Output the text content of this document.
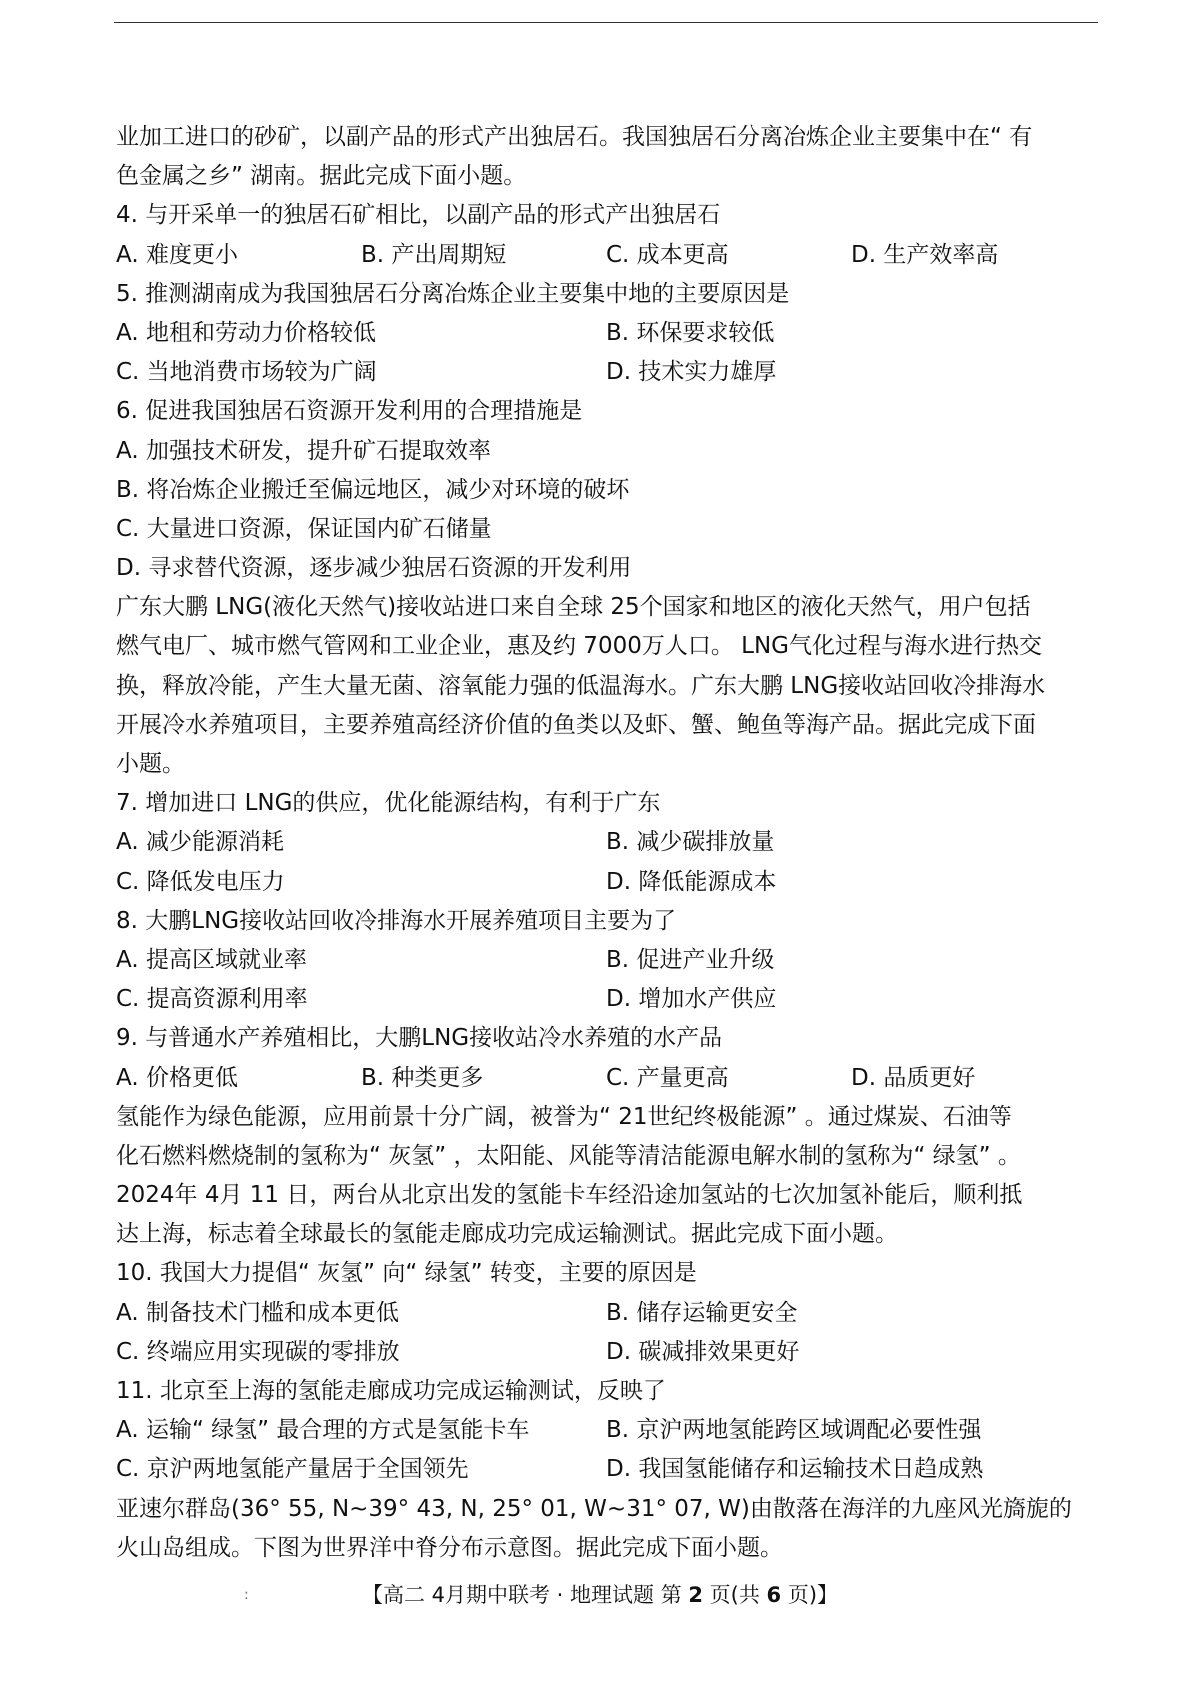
业加工进口的砂矿，以副产品的形式产出独居石。我国独居石分离冶炼企业主要集中在“ 有
色金属之乡” 湖南。据此完成下面小题。
4. 与开采单一的独居石矿相比，以副产品的形式产出独居石
A. 难度更小	B. 产出周期短	C. 成本更高	D. 生产效率高
5. 推测湖南成为我国独居石分离冶炼企业主要集中地的主要原因是
A. 地租和劳动力价格较低	B. 环保要求较低
C. 当地消费市场较为广阔	D. 技术实力雄厚
6. 促进我国独居石资源开发利用的合理措施是
A. 加强技术研发，提升矿石提取效率
B. 将冶炼企业搬迁至偏远地区，减少对环境的破坏
C. 大量进口资源，保证国内矿石储量
D. 寻求替代资源，逐步减少独居石资源的开发利用
广东大鹏 LNG(液化天然气)接收站进口来自全球 25个国家和地区的液化天然气，用户包括
燃气电厂、城市燃气管网和工业企业，惠及约 7000万人口。 LNG气化过程与海水进行热交
换，释放冷能，产生大量无菌、溶氧能力强的低温海水。广东大鹏 LNG接收站回收冷排海水
开展冷水养殖项目，主要养殖高经济价值的鱼类以及虾、蟹、鲍鱼等海产品。据此完成下面
小题。
7. 增加进口 LNG的供应，优化能源结构，有利于广东
A. 减少能源消耗	B. 减少碳排放量
C. 降低发电压力	D. 降低能源成本
8. 大鹏LNG接收站回收冷排海水开展养殖项目主要为了
A. 提高区域就业率	B. 促进产业升级
C. 提高资源利用率	D. 增加水产供应
9. 与普通水产养殖相比，大鹏LNG接收站冷水养殖的水产品
A. 价格更低	B. 种类更多	C. 产量更高	D. 品质更好
氢能作为绿色能源，应用前景十分广阔，被誉为“ 21世纪终极能源” 。通过煤炭、石油等
化石燃料燃烧制的氢称为“ 灰氢” ，太阳能、风能等清洁能源电解水制的氢称为“ 绿氢” 。
2024年 4月 11 日，两台从北京出发的氢能卡车经沿途加氢站的七次加氢补能后，顺利抵
达上海，标志着全球最长的氢能走廊成功完成运输测试。据此完成下面小题。
10. 我国大力提倡“ 灰氢” 向“ 绿氢” 转变，主要的原因是
A. 制备技术门槛和成本更低	B. 储存运输更安全
C. 终端应用实现碳的零排放	D. 碳减排效果更好
11. 北京至上海的氢能走廊成功完成运输测试，反映了
A. 运输“ 绿氢” 最合理的方式是氢能卡车	B. 京沪两地氢能跨区域调配必要性强
C. 京沪两地氢能产量居于全国领先	D. 我国氢能储存和运输技术日趋成熟
亚速尔群岛(36° 55, N~39° 43, N, 25° 01, W~31° 07, W)由散落在海洋的九座风光旖旎的
火山岛组成。下图为世界洋中脊分布示意图。据此完成下面小题。
:	【高二 4月期中联考 · 地理试题 第 2 页(共 6 页)】
